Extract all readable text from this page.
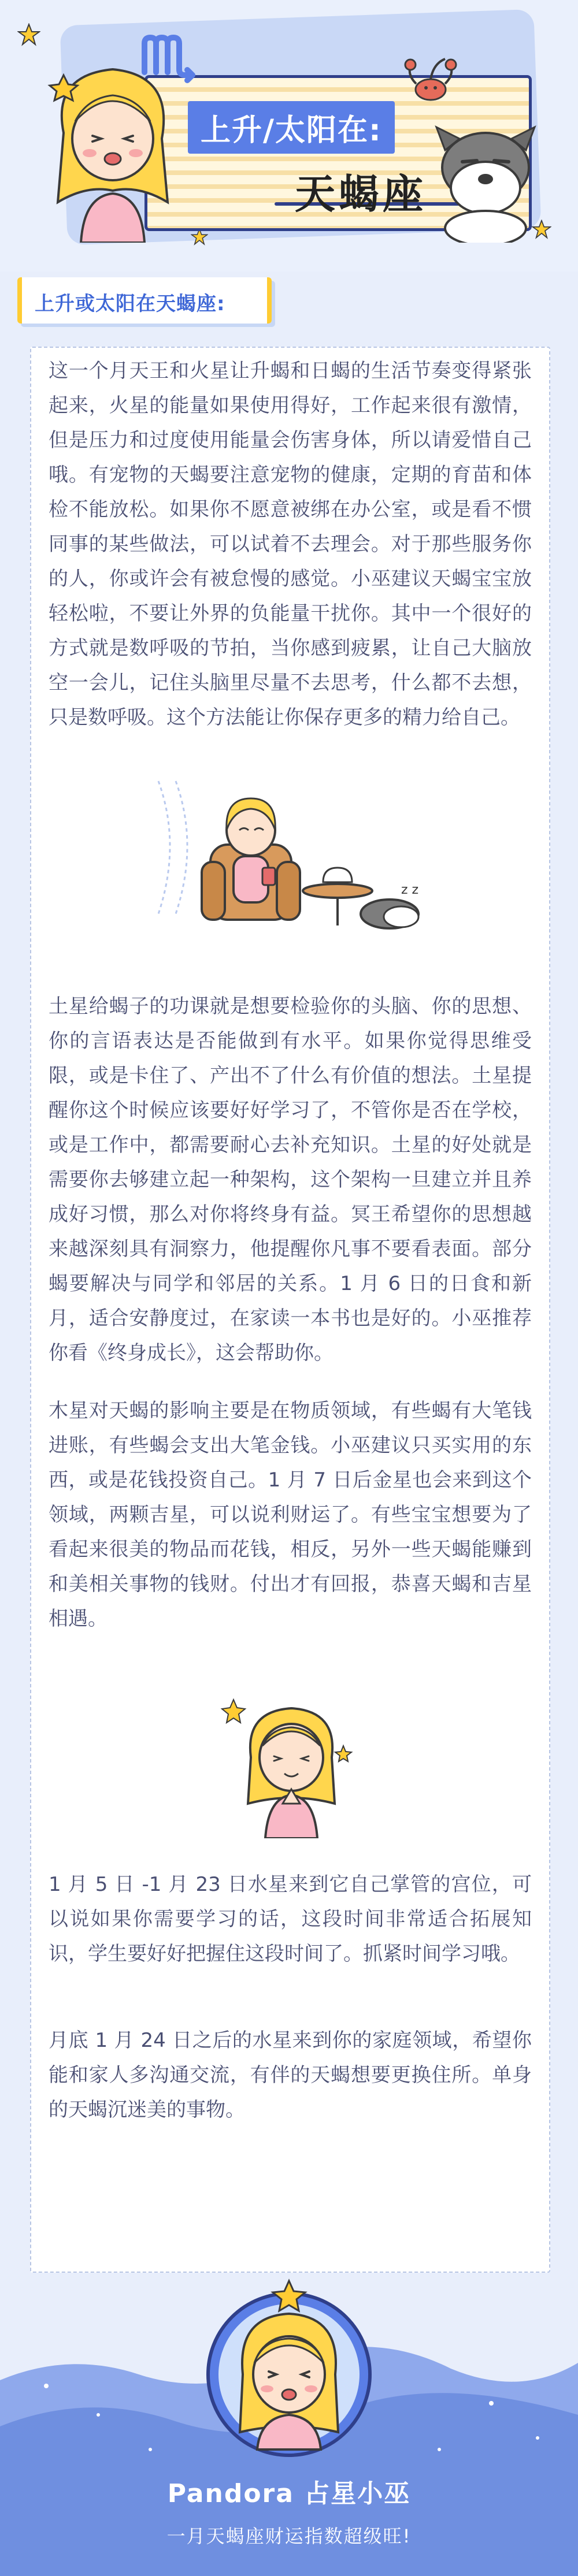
上升/太阳在:
天蝎座
上升或太阳在天蝎座:

这一个月天王和火星让升蝎和日蝎的生活节奏变得紧张起来，火星的能量如果使用得好，工作起来很有激情，但是压力和过度使用能量会伤害身体，所以请爱惜自己哦。有宠物的天蝎要注意宠物的健康，定期的育苗和体检不能放松。如果你不愿意被绑在办公室，或是看不惯同事的某些做法，可以试着不去理会。对于那些服务你的人，你或许会有被怠慢的感觉。小巫建议天蝎宝宝放轻松啦，不要让外界的负能量干扰你。其中一个很好的方式就是数呼吸的节拍，当你感到疲累，让自己大脑放空一会儿，记住头脑里尽量不去思考，什么都不去想，只是数呼吸。这个方法能让你保存更多的精力给自己。

z z

土星给蝎子的功课就是想要检验你的头脑、你的思想、你的言语表达是否能做到有水平。如果你觉得思维受限，或是卡住了、产出不了什么有价值的想法。土星提醒你这个时候应该要好好学习了，不管你是否在学校，或是工作中，都需要耐心去补充知识。土星的好处就是需要你去够建立起一种架构，这个架构一旦建立并且养成好习惯，那么对你将终身有益。冥王希望你的思想越来越深刻具有洞察力，他提醒你凡事不要看表面。部分蝎要解决与同学和邻居的关系。1 月 6 日的日食和新月，适合安静度过，在家读一本书也是好的。小巫推荐你看《终身成长》，这会帮助你。

木星对天蝎的影响主要是在物质领域，有些蝎有大笔钱进账，有些蝎会支出大笔金钱。小巫建议只买实用的东西，或是花钱投资自己。1 月 7 日后金星也会来到这个领域，两颗吉星，可以说利财运了。有些宝宝想要为了看起来很美的物品而花钱，相反，另外一些天蝎能赚到和美相关事物的钱财。付出才有回报，恭喜天蝎和吉星相遇。

1 月 5 日 -1 月 23 日水星来到它自己掌管的宫位，可以说如果你需要学习的话，这段时间非常适合拓展知识，学生要好好把握住这段时间了。抓紧时间学习哦。

月底 1 月 24 日之后的水星来到你的家庭领域，希望你能和家人多沟通交流，有伴的天蝎想要更换住所。单身的天蝎沉迷美的事物。

Pandora 占星小巫
一月天蝎座财运指数超级旺!
